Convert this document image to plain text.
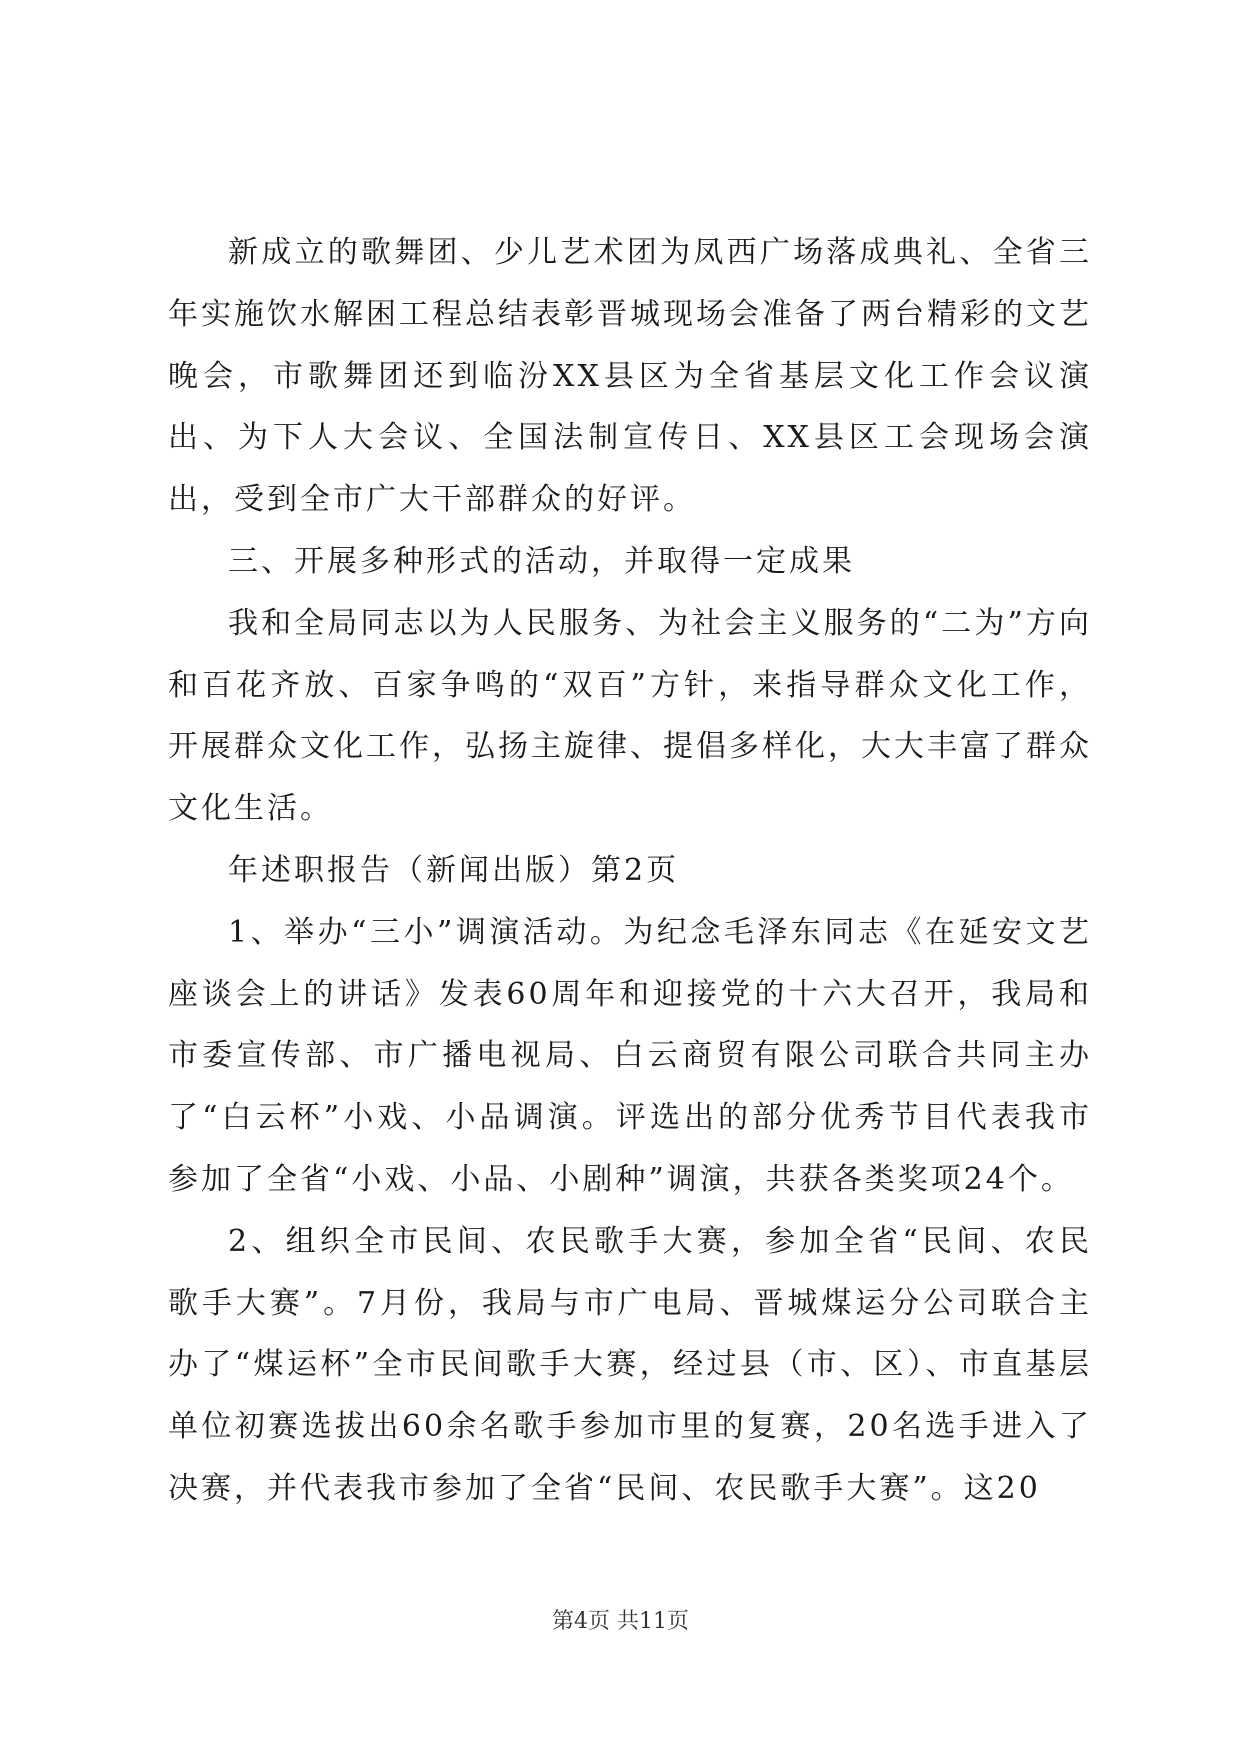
新成立的歌舞团、少儿艺术团为凤西广场落成典礼、全省三年实施饮水解困工程总结表彰晋城现场会准备了两台精彩的文艺晚会，市歌舞团还到临汾XX县区为全省基层文化工作会议演出、为下人大会议、全国法制宣传日、XX县区工会现场会演出，受到全市广大干部群众的好评。

三、开展多种形式的活动，并取得一定成果

我和全局同志以为人民服务、为社会主义服务的“二为”方向和百花齐放、百家争鸣的“双百”方针，来指导群众文化工作，开展群众文化工作，弘扬主旋律、提倡多样化，大大丰富了群众文化生活。

年述职报告（新闻出版）第2页

1、举办“三小”调演活动。为纪念毛泽东同志《在延安文艺座谈会上的讲话》发表60周年和迎接党的十六大召开，我局和市委宣传部、市广播电视局、白云商贸有限公司联合共同主办了“白云杯”小戏、小品调演。评选出的部分优秀节目代表我市参加了全省“小戏、小品、小剧种”调演，共获各类奖项24个。

2、组织全市民间、农民歌手大赛，参加全省“民间、农民歌手大赛”。7月份，我局与市广电局、晋城煤运分公司联合主办了“煤运杯”全市民间歌手大赛，经过县（市、区）、市直基层单位初赛选拔出60余名歌手参加市里的复赛，20名选手进入了决赛，并代表我市参加了全省“民间、农民歌手大赛”。这20

第4页 共11页
